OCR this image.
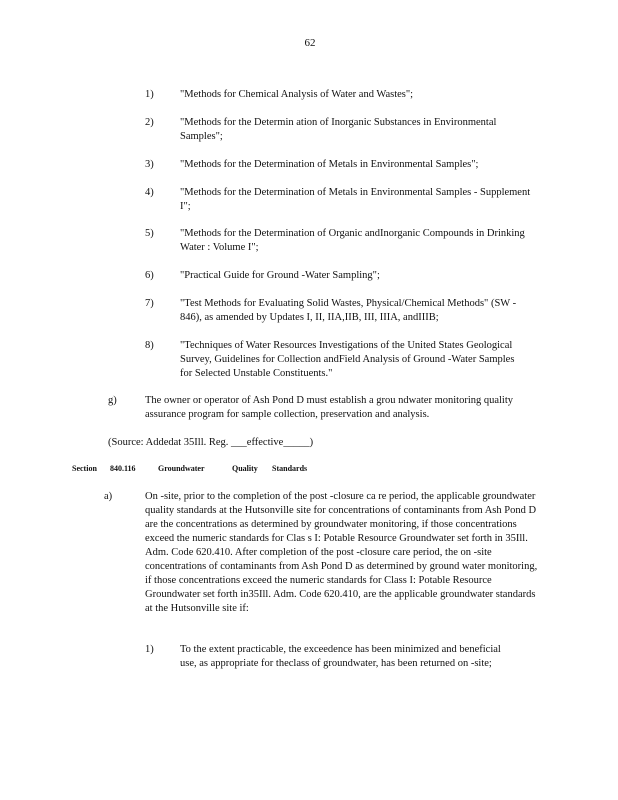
62
1)	"Methods for Chemical Analysis of Water and Wastes";
2)	"Methods for the Determin ation of Inorganic Substances in Environmental Samples";
3)	"Methods for the Determination of Metals in Environmental Samples";
4)	"Methods for the Determination of Metals in Environmental Samples - Supplement I";
5)	"Methods for the Determination of Organic andInorganic Compounds in Drinking Water : Volume I";
6)	"Practical Guide for Ground -Water Sampling";
7)	"Test Methods for Evaluating Solid Wastes, Physical/Chemical Methods" (SW - 846), as amended by Updates I, II, IIA,IIB, III, IIIA, andIIIB;
8)	"Techniques of Water Resources Investigations of the United States Geological Survey, Guidelines for Collection andField Analysis of Ground -Water Samples for Selected Unstable Constituents."
g)	The owner or operator of Ash Pond D must establish a grou ndwater monitoring quality assurance program for sample collection, preservation and analysis.
(Source: Addedat 35Ill. Reg. ___effective_____)
Section 840.116	Groundwater	Quality Standards
a)	On -site, prior to the completion of the post -closure ca re period, the applicable groundwater quality standards at the Hutsonville site for concentrations of contaminants from Ash Pond D are the concentrations as determined by groundwater monitoring, if those concentrations exceed the numeric standards for Clas s I: Potable Resource Groundwater set forth in 35Ill. Adm. Code 620.410. After completion of the post -closure care period, the on -site concentrations of contaminants from Ash Pond D as determined by ground water monitoring, if those concentrations exceed the numeric standards for Class I: Potable Resource Groundwater set forth in35Ill. Adm. Code 620.410, are the applicable groundwater standards at the Hutsonville site if:
1)	To the extent practicable, the exceedence has been minimized and beneficial use, as appropriate for theclass of groundwater, has been returned on -site;
